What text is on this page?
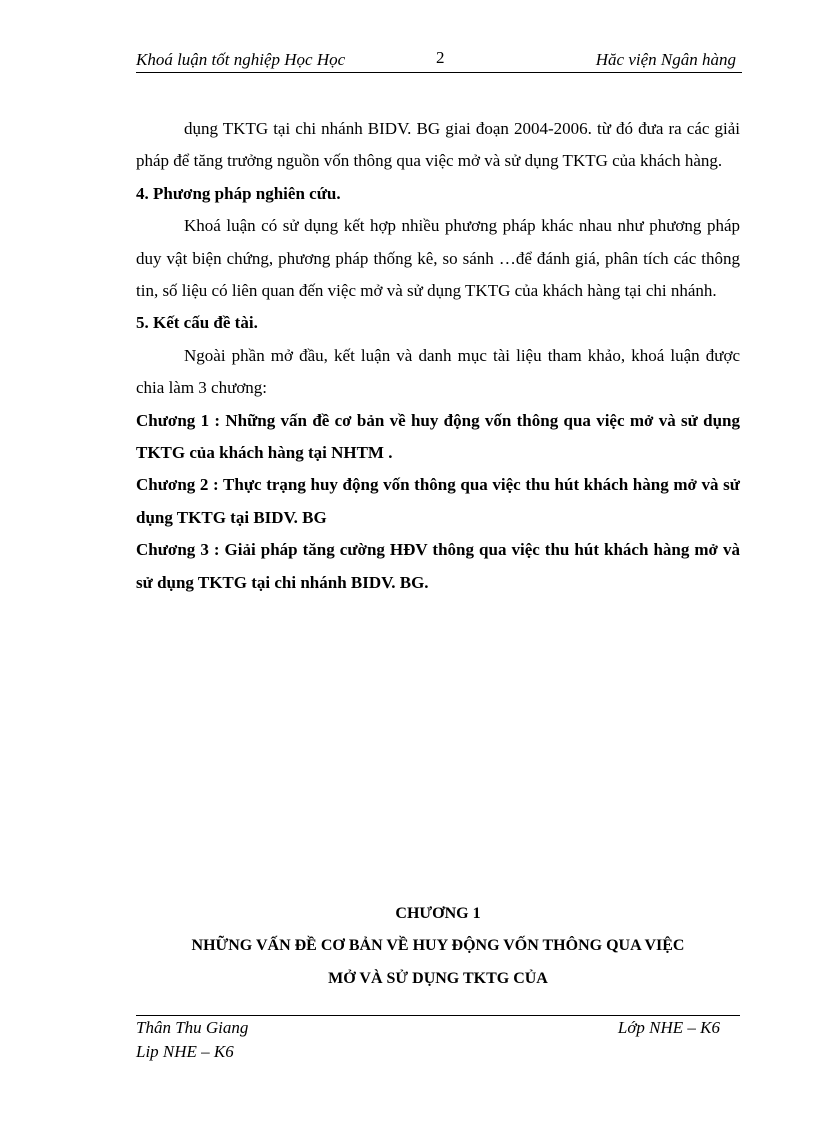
Khoá luận tốt nghiệp Học Học	2	Hăc viện Ngân hàng

dụng TKTG tại chi nhánh BIDV. BG giai đoạn 2004-2006. từ đó đưa ra các giải pháp để tăng trưởng nguồn vốn thông qua việc mở và sử dụng TKTG của khách hàng.

4. Phương pháp nghiên cứu.

Khoá luận có sử dụng kết hợp nhiều phương pháp khác nhau như phương pháp duy vật biện chứng, phương pháp thống kê, so sánh …để đánh giá, phân tích các thông tin, số liệu có liên quan đến việc mở và sử dụng TKTG của khách hàng tại chi nhánh.

5. Kết cấu đề tài.

Ngoài phần mở đầu, kết luận và danh mục tài liệu tham khảo, khoá luận được chia làm 3 chương:

Chương 1 : Những vấn đề cơ bản về huy động vốn thông qua việc mở và sử dụng TKTG của khách hàng tại NHTM .

Chương 2 : Thực trạng huy động vốn thông qua việc thu hút khách hàng mở và sử dụng TKTG tại BIDV. BG

Chương 3 : Giải pháp tăng cường HĐV thông qua việc thu hút khách hàng mở và sử dụng TKTG tại chi nhánh BIDV. BG.

CHƯƠNG 1
NHỮNG VẤN ĐỀ CƠ BẢN VỀ HUY ĐỘNG VỐN THÔNG QUA VIỆC
MỞ VÀ SỬ DỤNG TKTG CỦA
Thân Thu Giang	Lớp NHE – K6
Lip NHE – K6
